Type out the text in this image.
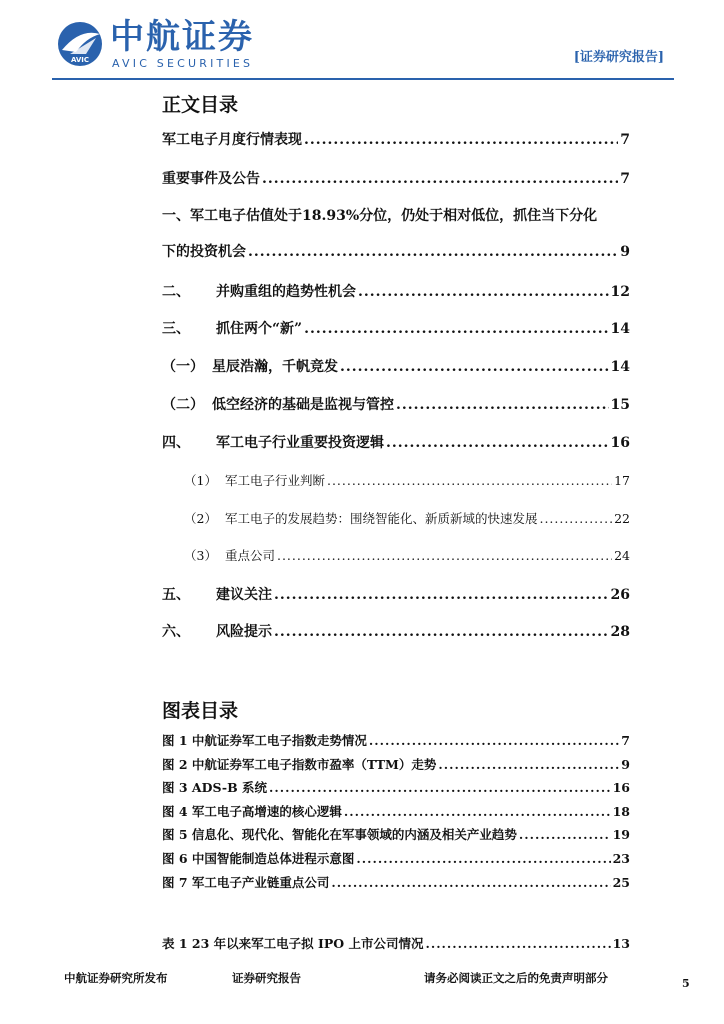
AVIC
中航证券
AVIC SECURITIES	[证券研究报告]
正文目录
军工电子月度行情表现 .....	7
重要事件及公告 .....	7
一、军工电子估值处于18.93%分位，仍处于相对低位，抓住当下分化
下的投资机会 .....	9
二、 并购重组的趋势性机会 .....	12
三、 抓住两个“新” .....	14
（一） 星辰浩瀚，千帆竞发 .....	14
（二） 低空经济的基础是监视与管控 .....	15
四、 军工电子行业重要投资逻辑 .....	16
（1） 军工电子行业判断 .....	17
（2） 军工电子的发展趋势：围绕智能化、新质新域的快速发展 .....	22
（3） 重点公司 .....	24
五、 建议关注 .....	26
六、 风险提示 .....	28
图表目录
图 1 中航证券军工电子指数走势情况 .....	7
图 2 中航证券军工电子指数市盈率（TTM）走势 .....	9
图 3 ADS-B 系统 .....	16
图 4 军工电子高增速的核心逻辑 .....	18
图 5 信息化、现代化、智能化在军事领域的内涵及相关产业趋势 .....	19
图 6 中国智能制造总体进程示意图 .....	23
图 7 军工电子产业链重点公司 .....	25
表 1 23 年以来军工电子拟 IPO 上市公司情况 .....	13
中航证券研究所发布	证券研究报告	请务必阅读正文之后的免责声明部分	5
